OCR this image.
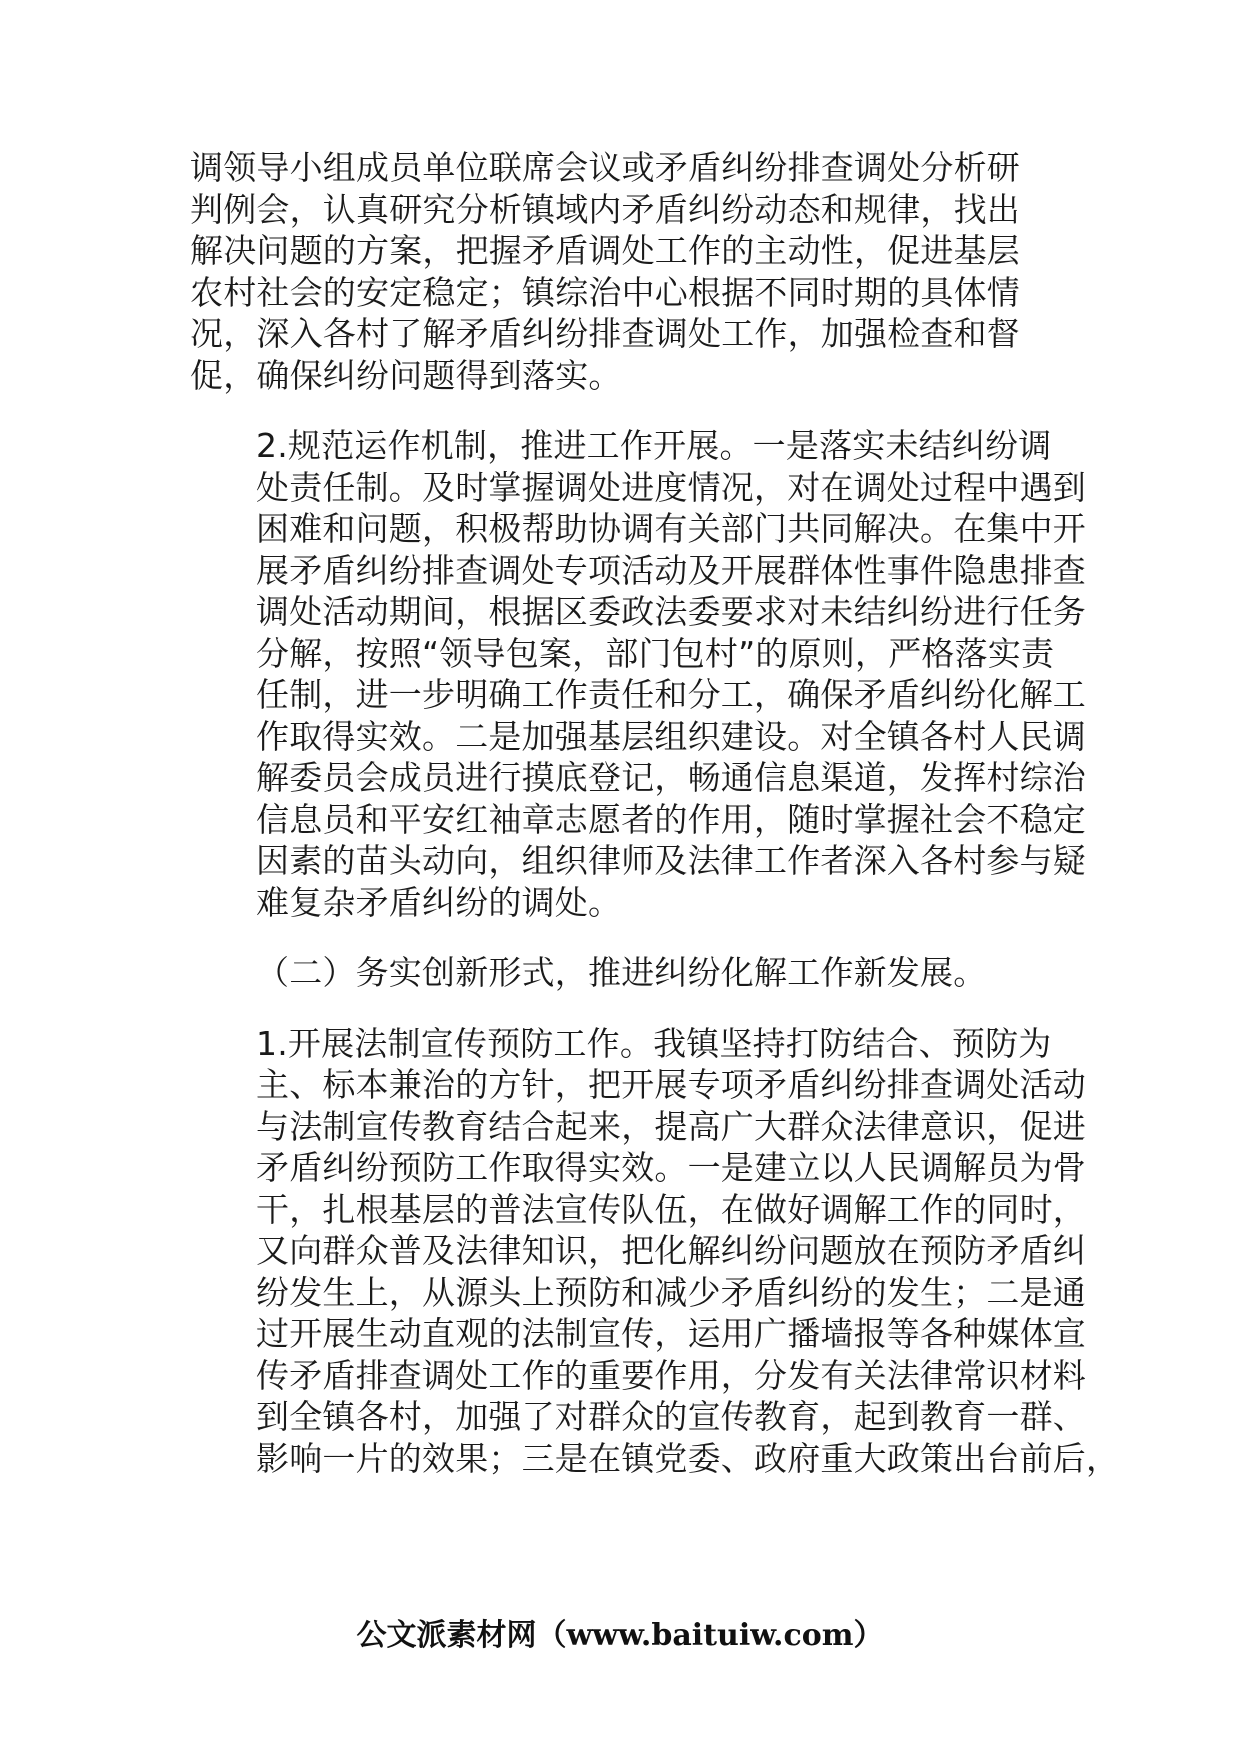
调领导小组成员单位联席会议或矛盾纠纷排查调处分析研
判例会，认真研究分析镇域内矛盾纠纷动态和规律，找出
解决问题的方案，把握矛盾调处工作的主动性，促进基层
农村社会的安定稳定；镇综治中心根据不同时期的具体情
况，深入各村了解矛盾纠纷排查调处工作，加强检查和督
促，确保纠纷问题得到落实。

2.规范运作机制，推进工作开展。一是落实未结纠纷调
处责任制。及时掌握调处进度情况，对在调处过程中遇到
困难和问题，积极帮助协调有关部门共同解决。在集中开
展矛盾纠纷排查调处专项活动及开展群体性事件隐患排查
调处活动期间，根据区委政法委要求对未结纠纷进行任务
分解，按照“领导包案，部门包村”的原则，严格落实责
任制，进一步明确工作责任和分工，确保矛盾纠纷化解工
作取得实效。二是加强基层组织建设。对全镇各村人民调
解委员会成员进行摸底登记，畅通信息渠道，发挥村综治
信息员和平安红袖章志愿者的作用，随时掌握社会不稳定
因素的苗头动向，组织律师及法律工作者深入各村参与疑
难复杂矛盾纠纷的调处。

（二）务实创新形式，推进纠纷化解工作新发展。

1.开展法制宣传预防工作。我镇坚持打防结合、预防为
主、标本兼治的方针，把开展专项矛盾纠纷排查调处活动
与法制宣传教育结合起来，提高广大群众法律意识，促进
矛盾纠纷预防工作取得实效。一是建立以人民调解员为骨
干，扎根基层的普法宣传队伍，在做好调解工作的同时，
又向群众普及法律知识，把化解纠纷问题放在预防矛盾纠
纷发生上，从源头上预防和减少矛盾纠纷的发生；二是通
过开展生动直观的法制宣传，运用广播墙报等各种媒体宣
传矛盾排查调处工作的重要作用，分发有关法律常识材料
到全镇各村，加强了对群众的宣传教育，起到教育一群、
影响一片的效果；三是在镇党委、政府重大政策出台前后，

公文派素材网（www.baituiw.com）
